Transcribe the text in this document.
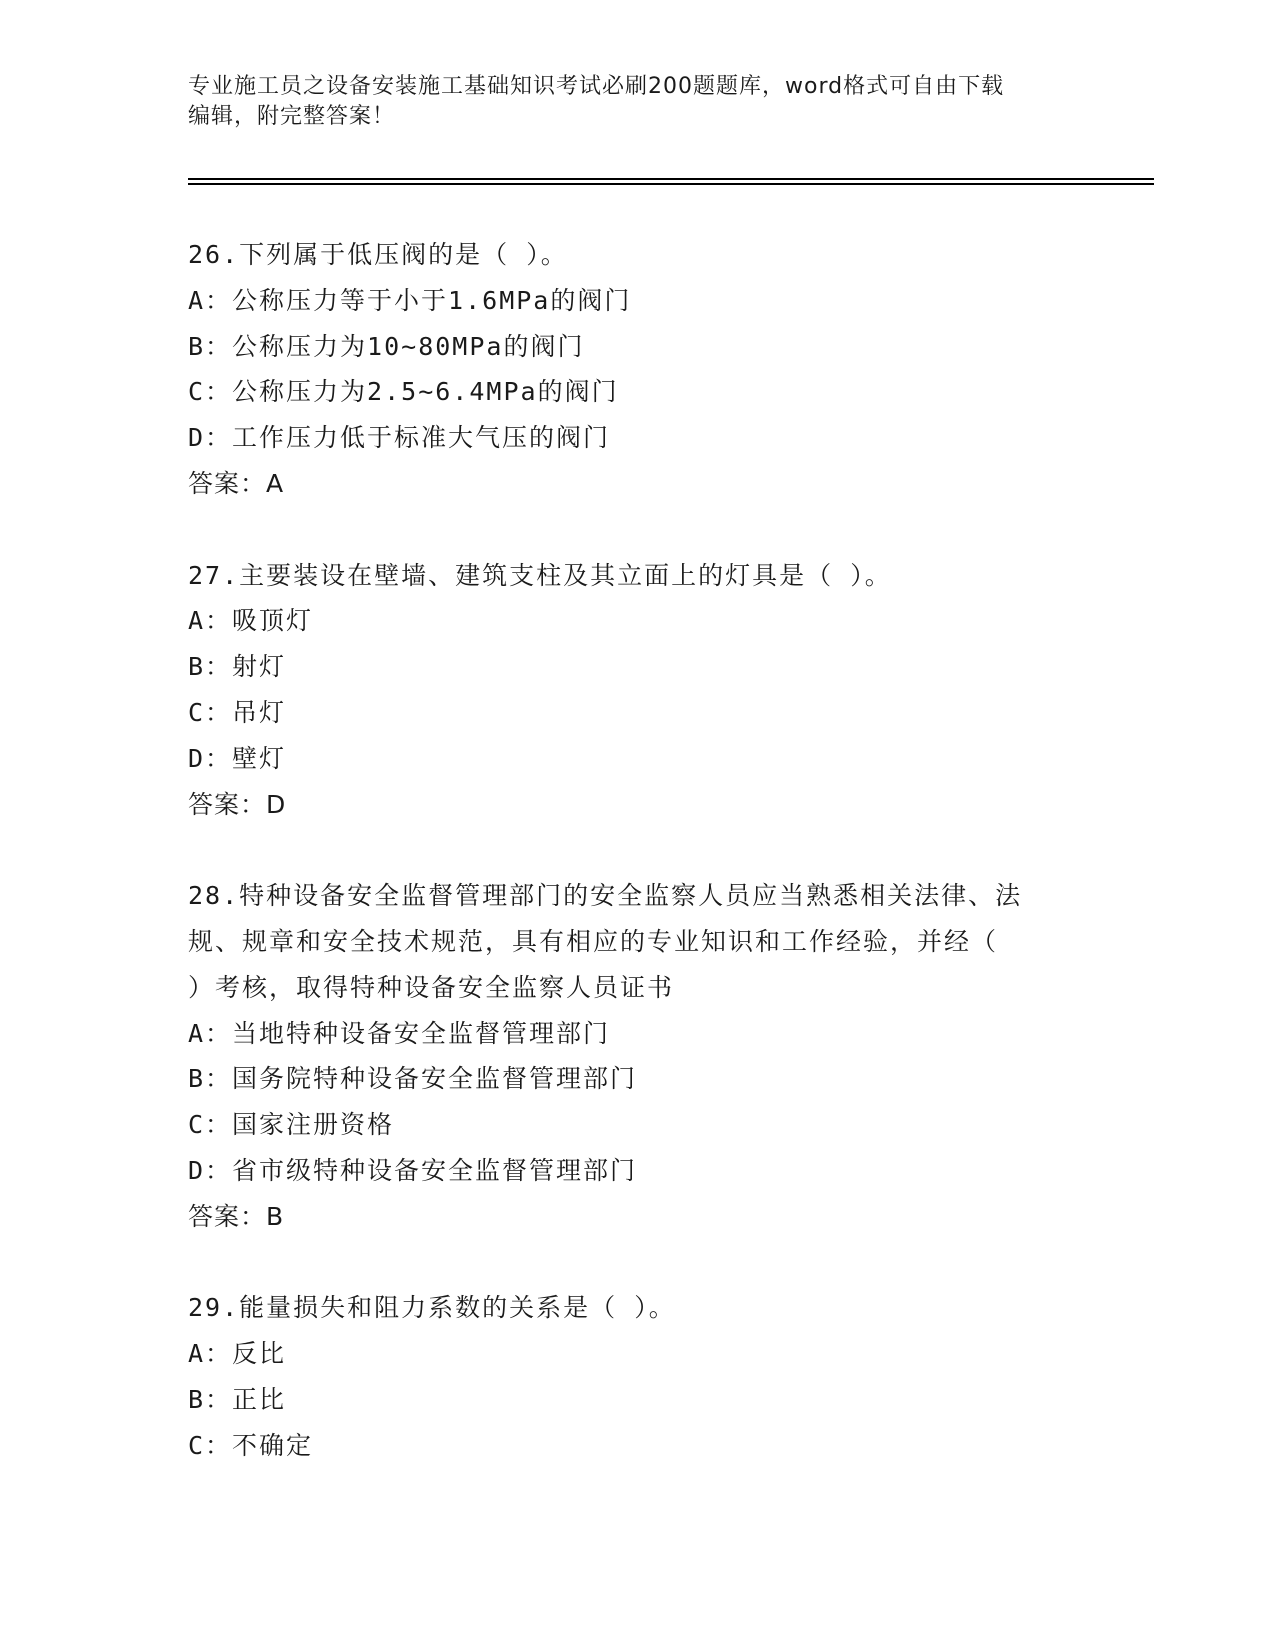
专业施工员之设备安装施工基础知识考试必刷200题题库，word格式可自由下载
编辑，附完整答案！
26.下列属于低压阀的是（ ）。
A：公称压力等于小于1.6MPa的阀门
B：公称压力为10~80MPa的阀门
C：公称压力为2.5~6.4MPa的阀门
D：工作压力低于标准大气压的阀门
答案：A
27.主要装设在壁墙、建筑支柱及其立面上的灯具是（ ）。
A：吸顶灯
B：射灯
C：吊灯
D：壁灯
答案：D
28.特种设备安全监督管理部门的安全监察人员应当熟悉相关法律、法
规、规章和安全技术规范，具有相应的专业知识和工作经验，并经（
）考核，取得特种设备安全监察人员证书
A：当地特种设备安全监督管理部门
B：国务院特种设备安全监督管理部门
C：国家注册资格
D：省市级特种设备安全监督管理部门
答案：B
29.能量损失和阻力系数的关系是（ ）。
A：反比
B：正比
C：不确定
